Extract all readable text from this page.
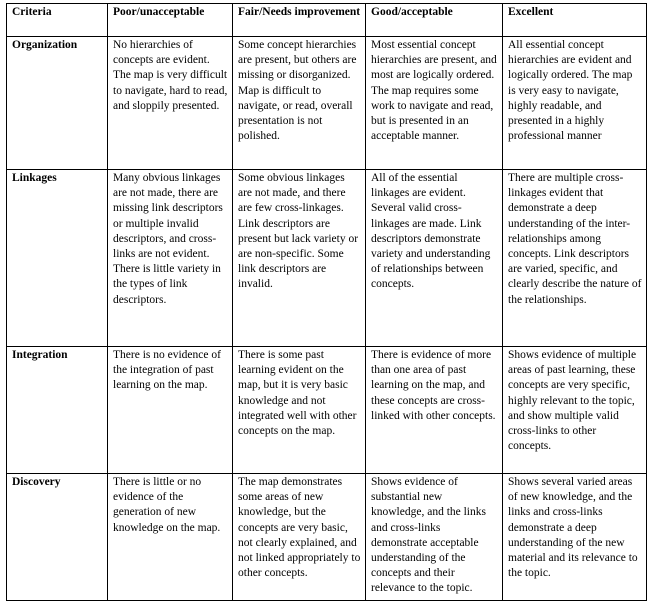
Criteria	Poor/unacceptable	Fair/Needs improvement	Good/acceptable	Excellent
Organization	No hierarchies of concepts are evident. The map is very difficult to navigate, hard to read, and sloppily presented.	Some concept hierarchies are present, but others are missing or disorganized. Map is difficult to navigate, or read, overall presentation is not polished.	Most essential concept hierarchies are present, and most are logically ordered. The map requires some work to navigate and read, but is presented in an acceptable manner.	All essential concept hierarchies are evident and logically ordered. The map is very easy to navigate, highly readable, and presented in a highly professional manner
Linkages	Many obvious linkages are not made, there are missing link descriptors or multiple invalid descriptors, and cross-links are not evident. There is little variety in the types of link descriptors.	Some obvious linkages are not made, and there are few cross-linkages. Link descriptors are present but lack variety or are non-specific. Some link descriptors are invalid.	All of the essential linkages are evident. Several valid cross-linkages are made. Link descriptors demonstrate variety and understanding of relationships between concepts.	There are multiple cross-linkages evident that demonstrate a deep understanding of the inter-relationships among concepts. Link descriptors are varied, specific, and clearly describe the nature of the relationships.
Integration	There is no evidence of the integration of past learning on the map.	There is some past learning evident on the map, but it is very basic knowledge and not integrated well with other concepts on the map.	There is evidence of more than one area of past learning on the map, and these concepts are cross-linked with other concepts.	Shows evidence of multiple areas of past learning, these concepts are very specific, highly relevant to the topic, and show multiple valid cross-links to other concepts.
Discovery	There is little or no evidence of the generation of new knowledge on the map.	The map demonstrates some areas of new knowledge, but the concepts are very basic, not clearly explained, and not linked appropriately to other concepts.	Shows evidence of substantial new knowledge, and the links and cross-links demonstrate acceptable understanding of the concepts and their relevance to the topic.	Shows several varied areas of new knowledge, and the links and cross-links demonstrate a deep understanding of the new material and its relevance to the topic.
